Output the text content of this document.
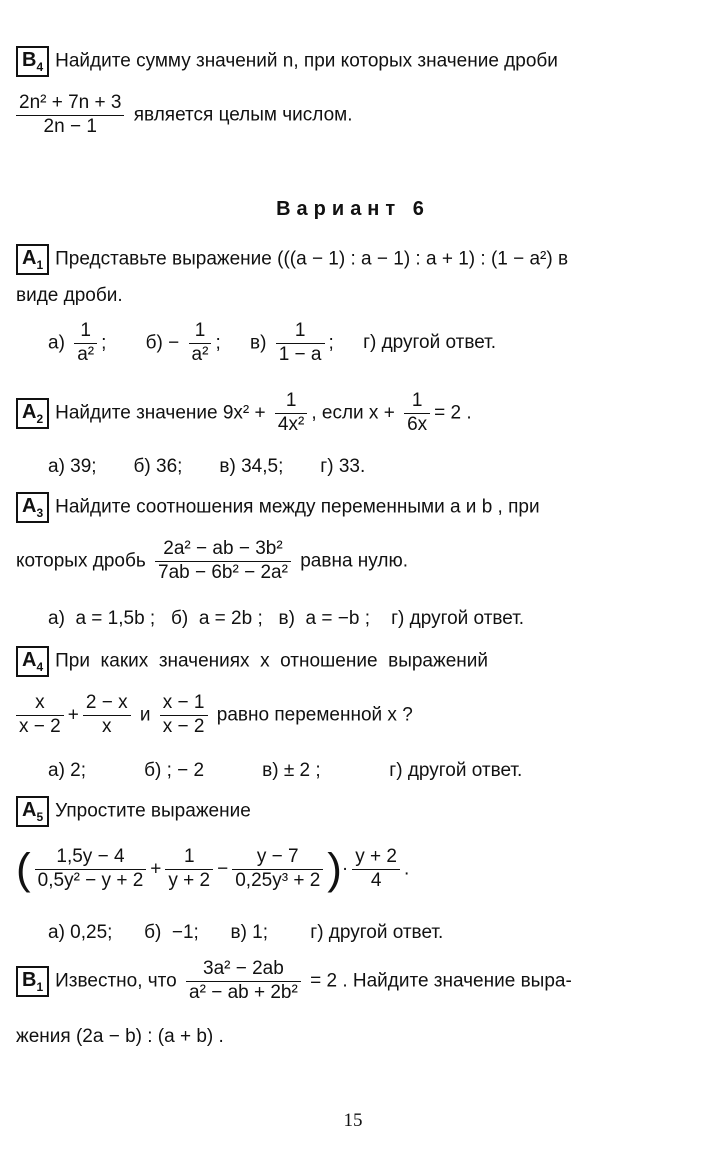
$B_4$ Найдите сумму значений n, при которых значение дроби
$\frac{\text{2n² + 7n + 3}}{2n - 1}$ является целым числом.
Вариант 6
$A_1$ Представьте выражение (((a − 1) : a − 1) : a + 1) : (1 − a²) в
виде дроби.
$а) \frac{1}{\text{a²}}$ ; $б) - \frac{1}{\text{a²}}$ ; $в) \frac{1}{1 - a}$ ; г) другой ответ.
$A_2$ Найдите значение $9x^2 + \frac{1}{\text{4x²}}$ , если $x + \frac{1}{6x} = 2$ .
а) 39;       б) 36;       в) 34,5;       г) 33.
$A_3$ Найдите соотношения между переменными a и b , при
которых дробь $\frac{\text{2a² − ab − 3b²}}{\text{7ab − 6b² − 2a²}}$ равна нулю.
а)  a = 1,5b ;   б)  a = 2b ;   в)  a = −b ;    г) другой ответ.
$A_4$ При  каких  значениях  x  отношение  выражений
$\frac{x}{x - 2} + \frac{2 - x}{x}$ и $\frac{x - 1}{x - 2}$ равно переменной x ?
а) 2;           б) ; − 2           в) ± 2 ;             г) другой ответ.
$A_5$ Упростите выражение
( $\frac{1,5y - 4}{\text{0,5y² − y + 2}} + \frac{1}{y + 2} - \frac{y - 7}{\text{0,25y³ + 2}}$ )· $\frac{y + 2}{4}$ .
а) 0,25;      б)  −1;      в) 1;        г) другой ответ.
$B_1$ Известно, что $\frac{\text{3a² − 2ab}}{\text{a² − ab + 2b²}} = 2$ . Найдите значение выра-
жения (2a − b) : (a + b) .
15
